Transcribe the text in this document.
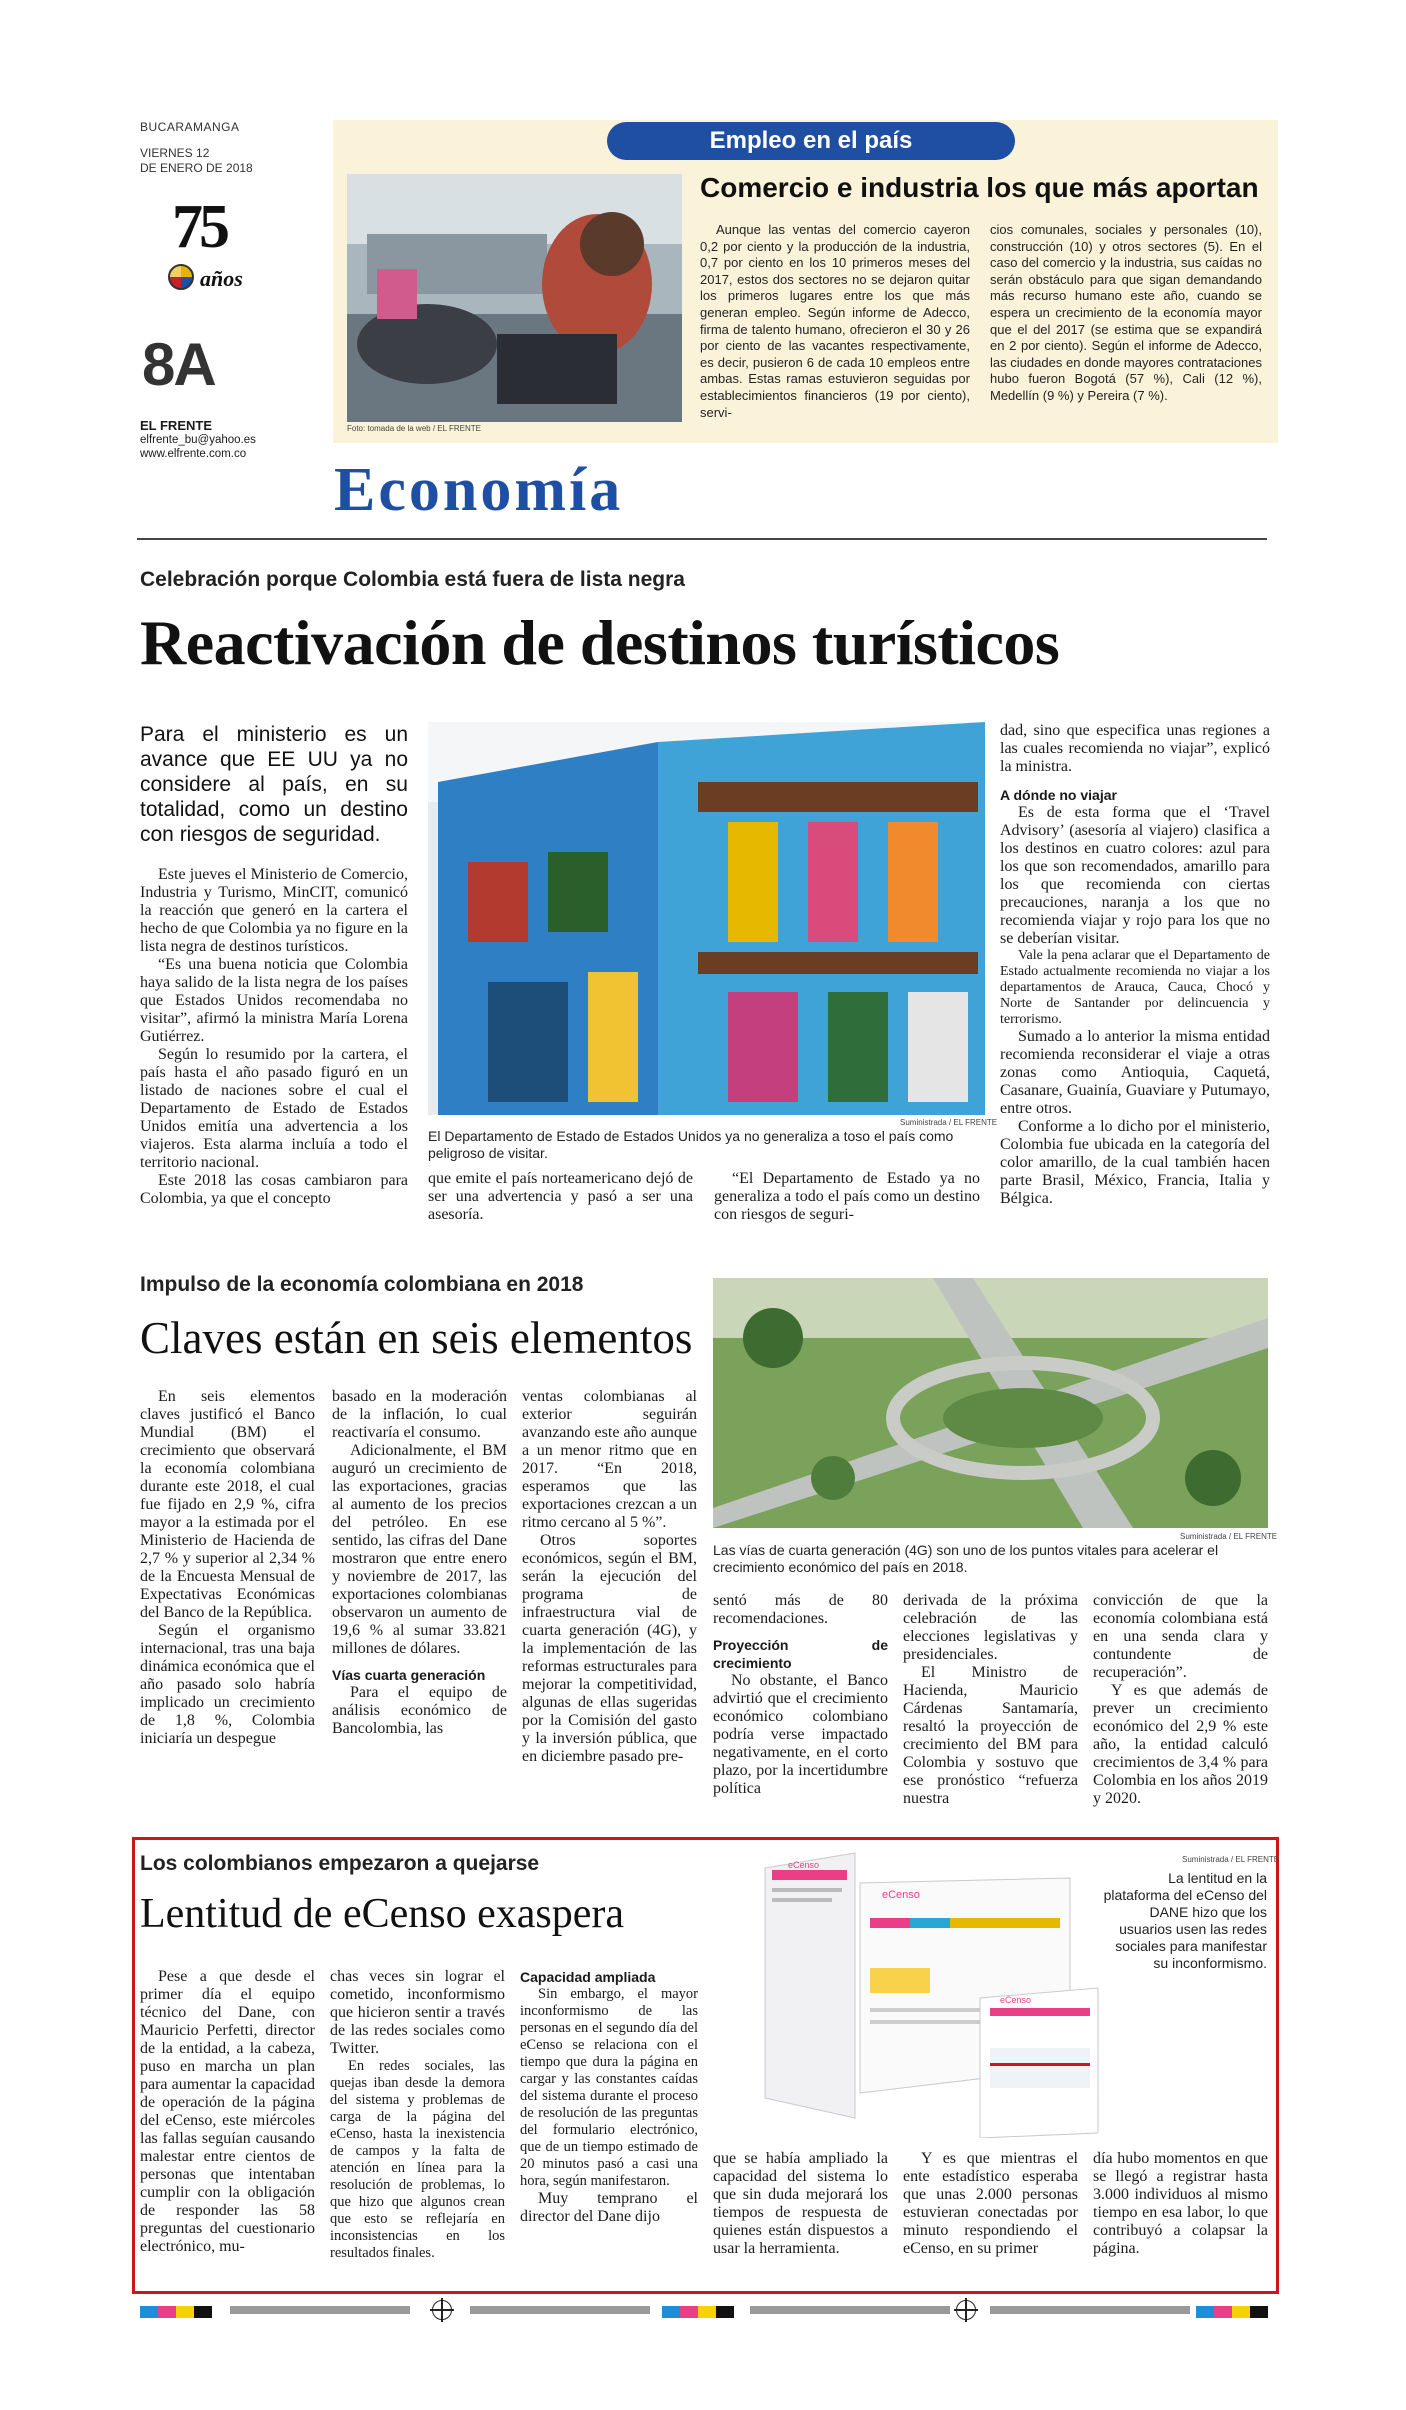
BUCARAMANGA
VIERNES 12
DE ENERO DE 2018
75
años
8A
EL FRENTE
elfrente_bu@yahoo.es
www.elfrente.com.co
Empleo en el país
Foto: tomada de la web / EL FRENTE
Comercio e industria los que más aportan
Aunque las ventas del comercio cayeron 0,2 por ciento y la producción de la industria, 0,7 por ciento en los 10 primeros meses del 2017, estos dos sectores no se dejaron quitar los primeros lugares entre los que más generan empleo. Según informe de Adecco, firma de talento humano, ofrecieron el 30 y 26 por ciento de las vacantes respectivamente, es decir, pusieron 6 de cada 10 empleos entre ambas. Estas ramas estuvieron seguidas por establecimientos financieros (19 por ciento), servi-
cios comunales, sociales y personales (10), construcción (10) y otros sectores (5). En el caso del comercio y la industria, sus caídas no serán obstáculo para que sigan demandando más recurso humano este año, cuando se espera un crecimiento de la economía mayor que el del 2017 (se estima que se expandirá en 2 por ciento). Según el informe de Adecco, las ciudades en donde mayores contrataciones hubo fueron Bogotá (57 %), Cali (12 %), Medellín (9 %) y Pereira (7 %).
Economía
Celebración porque Colombia está fuera de lista negra
Reactivación de destinos turísticos
Para el ministerio es un avance que EE UU ya no considere al país, en su totalidad, como un destino con riesgos de seguridad.

Este jueves el Ministerio de Comercio, Industria y Turismo, MinCIT, comunicó la reacción que generó en la cartera el hecho de que Colombia ya no figure en la lista negra de destinos turísticos.

“Es una buena noticia que Colombia haya salido de la lista negra de los países que Estados Unidos recomendaba no visitar”, afirmó la ministra María Lorena Gutiérrez.

Según lo resumido por la cartera, el país hasta el año pasado figuró en un listado de naciones sobre el cual el Departamento de Estado de Estados Unidos emitía una advertencia a los viajeros. Esta alarma incluía a todo el territorio nacional.

Este 2018 las cosas cambiaron para Colombia, ya que el concepto

Suministrada / EL FRENTE
El Departamento de Estado de Estados Unidos ya no generaliza a toso el país como peligroso de visitar.
que emite el país norteamericano dejó de ser una advertencia y pasó a ser una asesoría.
“El Departamento de Estado ya no generaliza a todo el país como un destino con riesgos de seguri-
dad, sino que especifica unas regiones a las cuales recomienda no viajar”, explicó la ministra.
A dónde no viajar

Es de esta forma que el ‘Travel Advisory’ (asesoría al viajero) clasifica a los destinos en cuatro colores: azul para los que son recomendados, amarillo para los que recomienda con ciertas precauciones, naranja a los que no recomienda viajar y rojo para los que no se deberían visitar.

Vale la pena aclarar que el Departamento de Estado actualmente recomienda no viajar a los departamentos de Arauca, Cauca, Chocó y Norte de Santander por delincuencia y terrorismo.

Sumado a lo anterior la misma entidad recomienda reconsiderar el viaje a otras zonas como Antioquia, Caquetá, Casanare, Guainía, Guaviare y Putumayo, entre otros.

Conforme a lo dicho por el ministerio, Colombia fue ubicada en la categoría del color amarillo, de la cual también hacen parte Brasil, México, Francia, Italia y Bélgica.

Impulso de la economía colombiana en 2018
Claves están en seis elementos

En seis elementos claves justificó el Banco Mundial (BM) el crecimiento que observará la economía colombiana durante este 2018, el cual fue fijado en 2,9 %, cifra mayor a la estimada por el Ministerio de Hacienda de 2,7 % y superior al 2,34 % de la Encuesta Mensual de Expectativas Económicas del Banco de la República.

Según el organismo internacional, tras una baja dinámica económica que el año pasado solo habría implicado un crecimiento de 1,8 %, Colombia iniciaría un despegue

basado en la moderación de la inflación, lo cual reactivaría el consumo.

Adicionalmente, el BM auguró un crecimiento de las exportaciones, gracias al aumento de los precios del petróleo. En ese sentido, las cifras del Dane mostraron que entre enero y noviembre de 2017, las exportaciones colombianas observaron un aumento de 19,6 % al sumar 33.821 millones de dólares.

Vías cuarta generación

Para el equipo de análisis económico de Bancolombia, las

ventas colombianas al exterior seguirán avanzando este año aunque a un menor ritmo que en 2017. “En 2018, esperamos que las exportaciones crezcan a un ritmo cercano al 5 %”.

Otros soportes económicos, según el BM, serán la ejecución del programa de infraestructura vial de cuarta generación (4G), y la implementación de las reformas estructurales para mejorar la competitividad, algunas de ellas sugeridas por la Comisión del gasto y la inversión pública, que en diciembre pasado pre-

Suministrada / EL FRENTE
Las vías de cuarta generación (4G) son uno de los puntos vitales para acelerar el crecimiento económico del país en 2018.
sentó más de 80 recomendaciones.
Proyección de crecimiento

No obstante, el Banco advirtió que el crecimiento económico colombiano podría verse impactado negativamente, en el corto plazo, por la incertidumbre política

derivada de la próxima celebración de las elecciones legislativas y presidenciales.

El Ministro de Hacienda, Mauricio Cárdenas Santamaría, resaltó la proyección de crecimiento del BM para Colombia y sostuvo que ese pronóstico “refuerza nuestra

convicción de que la economía colombiana está en una senda clara y contundente de recuperación”.

Y es que además de prever un crecimiento económico del 2,9 % este año, la entidad calculó crecimientos de 3,4 % para Colombia en los años 2019 y 2020.

Los colombianos empezaron a quejarse
Lentitud de eCenso exaspera
eCenso
eCenso
eCenso
Suministrada / EL FRENTE
La lentitud en la plataforma del eCenso del DANE hizo que los usuarios usen las redes sociales para manifestar su inconformismo.
Pese a que desde el primer día el equipo técnico del Dane, con Mauricio Perfetti, director de la entidad, a la cabeza, puso en marcha un plan para aumentar la capacidad de operación de la página del eCenso, este miércoles las fallas seguían causando malestar entre cientos de personas que intentaban cumplir con la obligación de responder las 58 preguntas del cuestionario electrónico, mu-
chas veces sin lograr el cometido, inconformismo que hicieron sentir a través de las redes sociales como Twitter.

En redes sociales, las quejas iban desde la demora del sistema y problemas de carga de la página del eCenso, hasta la inexistencia de campos y la falta de atención en línea para la resolución de problemas, lo que hizo que algunos crean que esto se reflejaría en inconsistencias en los resultados finales.

Capacidad ampliada

Sin embargo, el mayor inconformismo de las personas en el segundo día del eCenso se relaciona con el tiempo que dura la página en cargar y las constantes caídas del sistema durante el proceso de resolución de las preguntas del formulario electrónico, que de un tiempo estimado de 20 minutos pasó a casi una hora, según manifestaron.

Muy temprano el director del Dane dijo

que se había ampliado la capacidad del sistema lo que sin duda mejorará los tiempos de respuesta de quienes están dispuestos a usar la herramienta.
Y es que mientras el ente estadístico esperaba que unas 2.000 personas estuvieran conectadas por minuto respondiendo el eCenso, en su primer
día hubo momentos en que se llegó a registrar hasta 3.000 individuos al mismo tiempo en esa labor, lo que contribuyó a colapsar la página.
